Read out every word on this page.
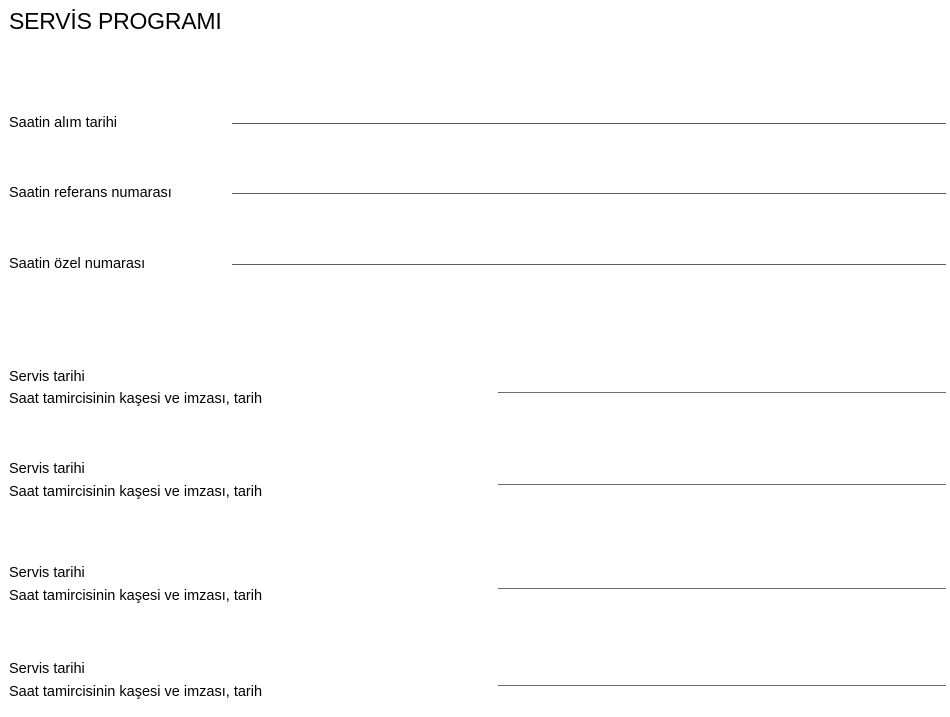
SERVİS PROGRAMI
Saatin alım tarihi
Saatin referans numarası
Saatin özel numarası
Servis tarihi
Saat tamircisinin kaşesi ve imzası, tarih
Servis tarihi
Saat tamircisinin kaşesi ve imzası, tarih
Servis tarihi
Saat tamircisinin kaşesi ve imzası, tarih
Servis tarihi
Saat tamircisinin kaşesi ve imzası, tarih
